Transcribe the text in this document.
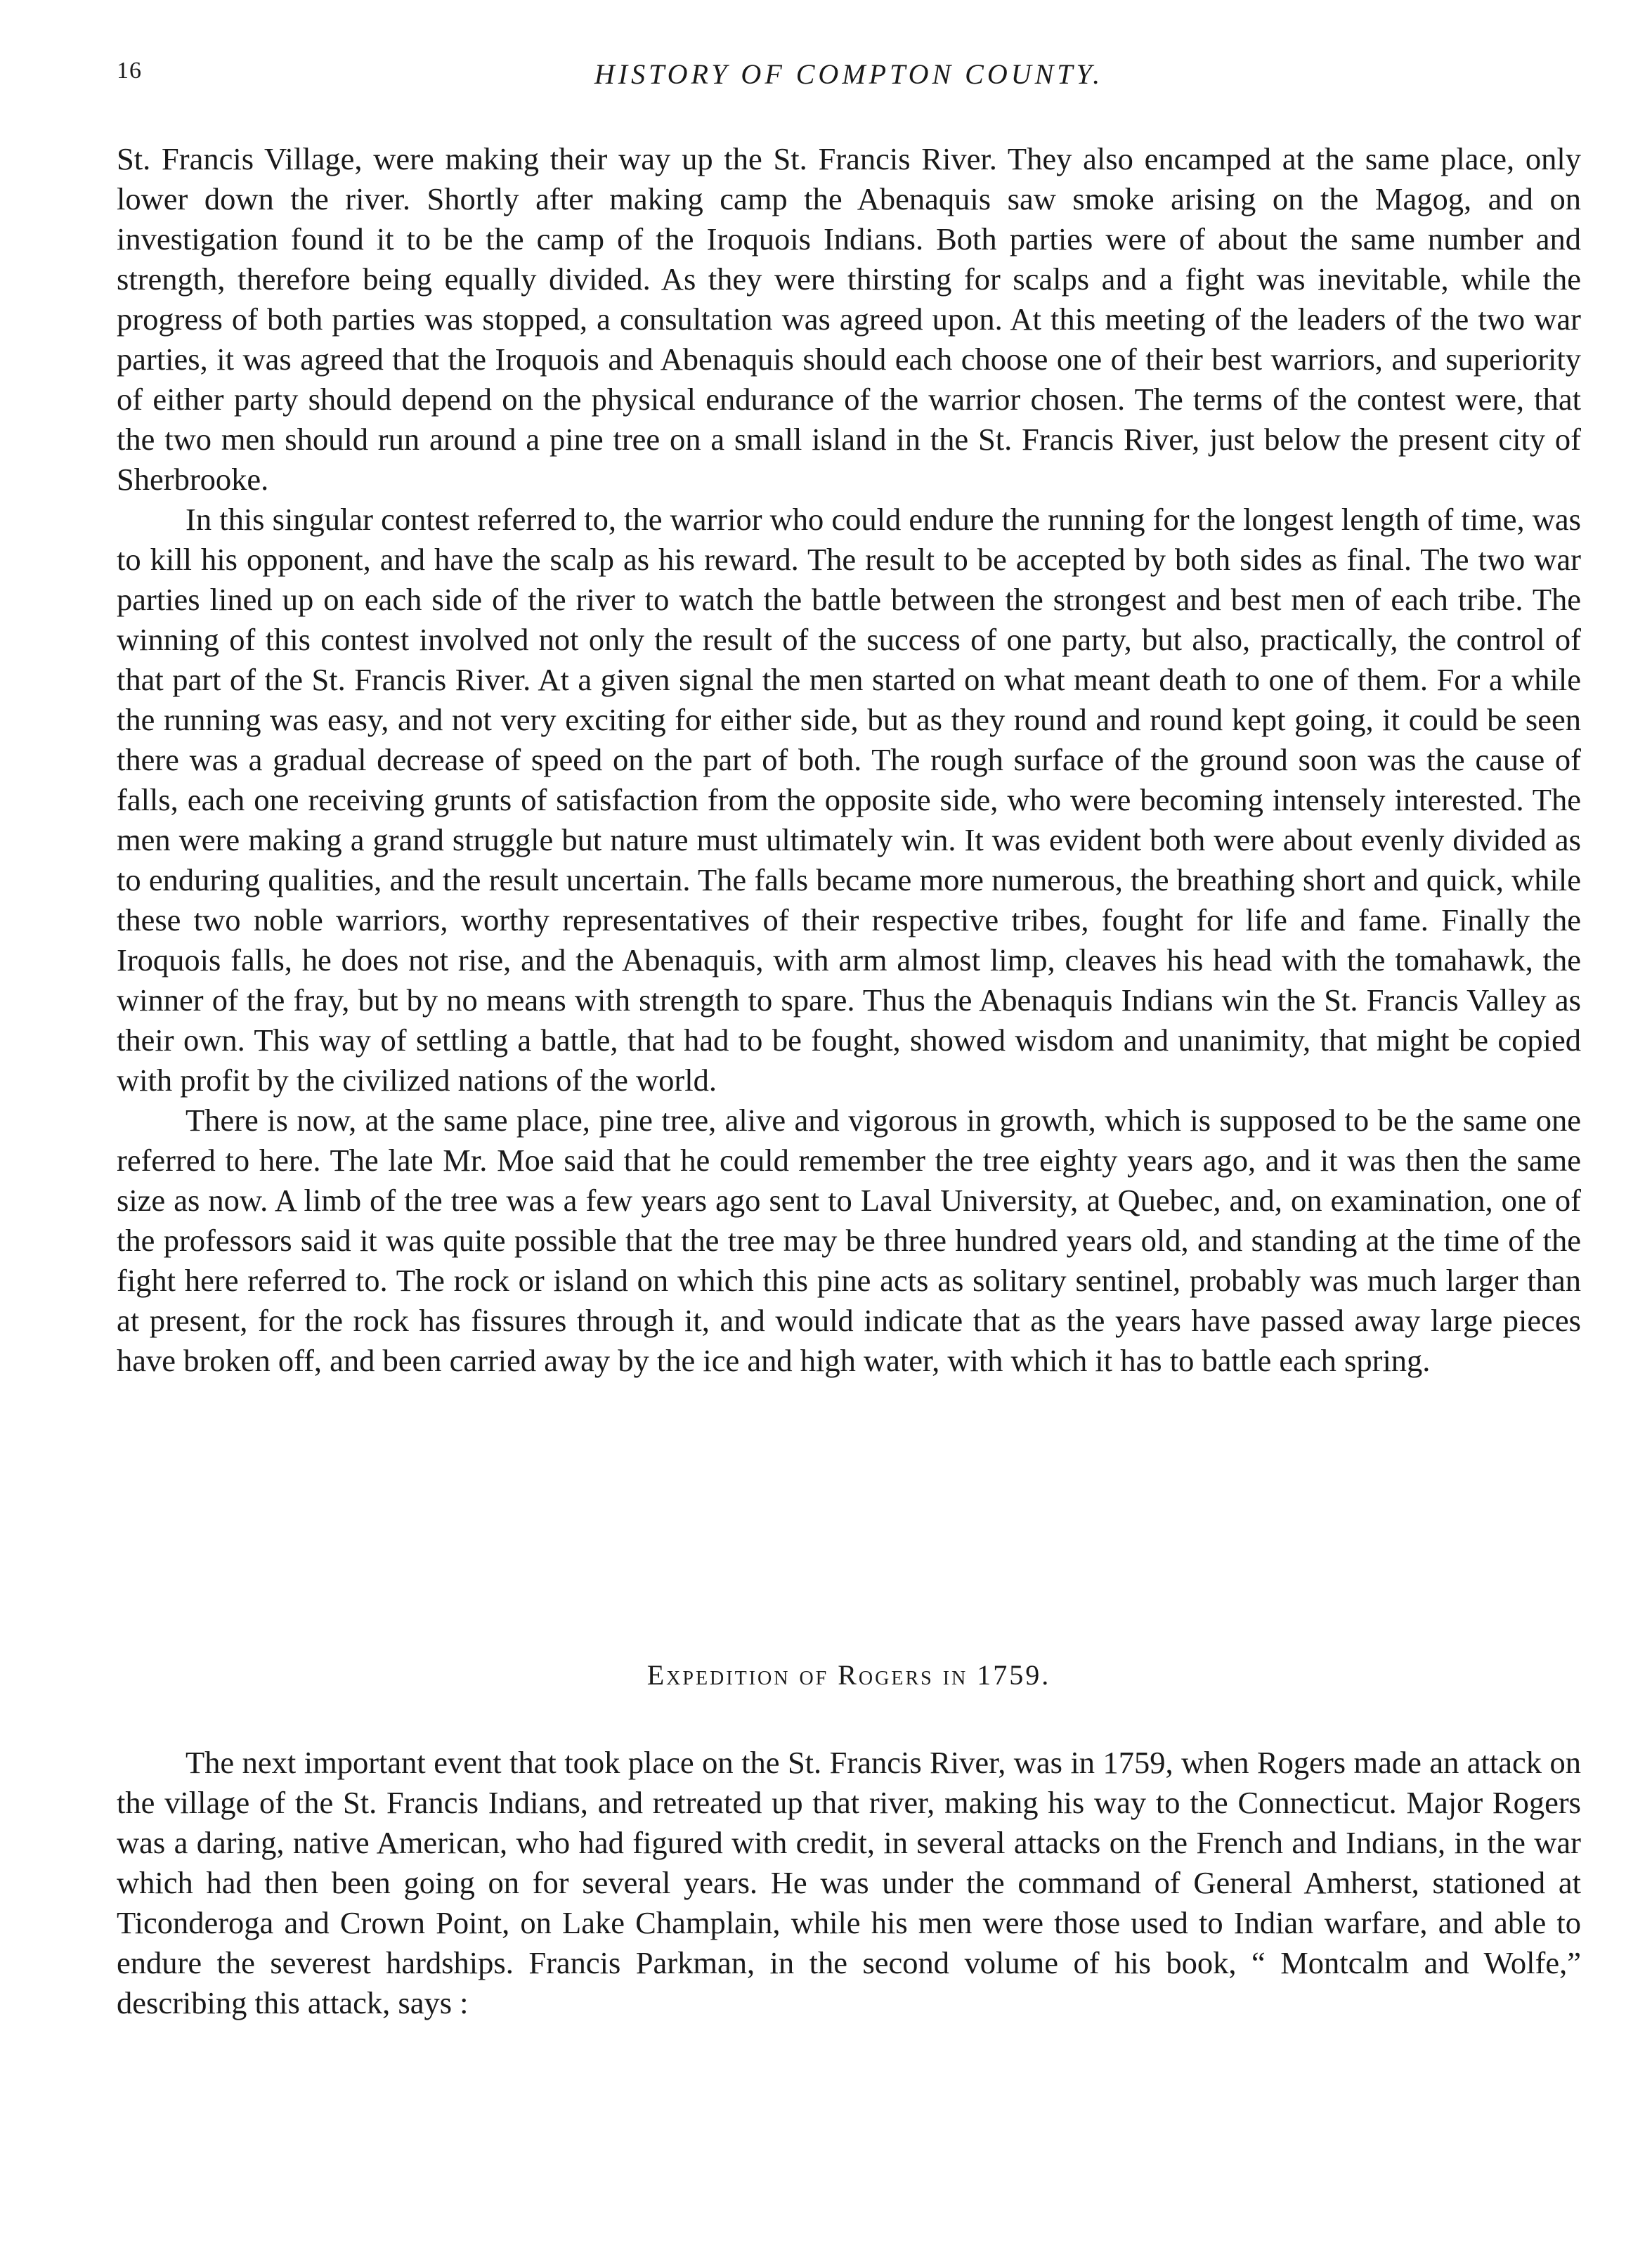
16	HISTORY OF COMPTON COUNTY.

St. Francis Village, were making their way up the St. Francis River. They also encamped at the same place, only lower down the river. Shortly after making camp the Abenaquis saw smoke arising on the Magog, and on investigation found it to be the camp of the Iroquois Indians. Both parties were of about the same number and strength, therefore being equally divided. As they were thirsting for scalps and a fight was inevitable, while the progress of both parties was stopped, a consultation was agreed upon. At this meeting of the leaders of the two war parties, it was agreed that the Iroquois and Abenaquis should each choose one of their best warriors, and superiority of either party should depend on the physical endurance of the warrior chosen. The terms of the contest were, that the two men should run around a pine tree on a small island in the St. Francis River, just below the present city of Sherbrooke.

In this singular contest referred to, the warrior who could endure the running for the longest length of time, was to kill his opponent, and have the scalp as his reward. The result to be accepted by both sides as final. The two war parties lined up on each side of the river to watch the battle between the strongest and best men of each tribe. The winning of this contest involved not only the result of the success of one party, but also, practically, the control of that part of the St. Francis River. At a given signal the men started on what meant death to one of them. For a while the running was easy, and not very exciting for either side, but as they round and round kept going, it could be seen there was a gradual decrease of speed on the part of both. The rough surface of the ground soon was the cause of falls, each one receiving grunts of satisfaction from the opposite side, who were becoming intensely interested. The men were making a grand struggle but nature must ultimately win. It was evident both were about evenly divided as to enduring qualities, and the result uncertain. The falls became more numerous, the breathing short and quick, while these two noble warriors, worthy representatives of their respective tribes, fought for life and fame. Finally the Iroquois falls, he does not rise, and the Abenaquis, with arm almost limp, cleaves his head with the tomahawk, the winner of the fray, but by no means with strength to spare. Thus the Abenaquis Indians win the St. Francis Valley as their own. This way of settling a battle, that had to be fought, showed wisdom and unanimity, that might be copied with profit by the civilized nations of the world.

There is now, at the same place, pine tree, alive and vigorous in growth, which is supposed to be the same one referred to here. The late Mr. Moe said that he could remember the tree eighty years ago, and it was then the same size as now. A limb of the tree was a few years ago sent to Laval University, at Quebec, and, on examination, one of the professors said it was quite possible that the tree may be three hundred years old, and standing at the time of the fight here referred to. The rock or island on which this pine acts as solitary sentinel, probably was much larger than at present, for the rock has fissures through it, and would indicate that as the years have passed away large pieces have broken off, and been carried away by the ice and high water, with which it has to battle each spring.

Expedition of Rogers in 1759.

The next important event that took place on the St. Francis River, was in 1759, when Rogers made an attack on the village of the St. Francis Indians, and retreated up that river, making his way to the Connecticut. Major Rogers was a daring, native American, who had figured with credit, in several attacks on the French and Indians, in the war which had then been going on for several years. He was under the command of General Amherst, stationed at Ticonderoga and Crown Point, on Lake Champlain, while his men were those used to Indian warfare, and able to endure the severest hardships. Francis Parkman, in the second volume of his book, “ Montcalm and Wolfe,” describing this attack, says :
